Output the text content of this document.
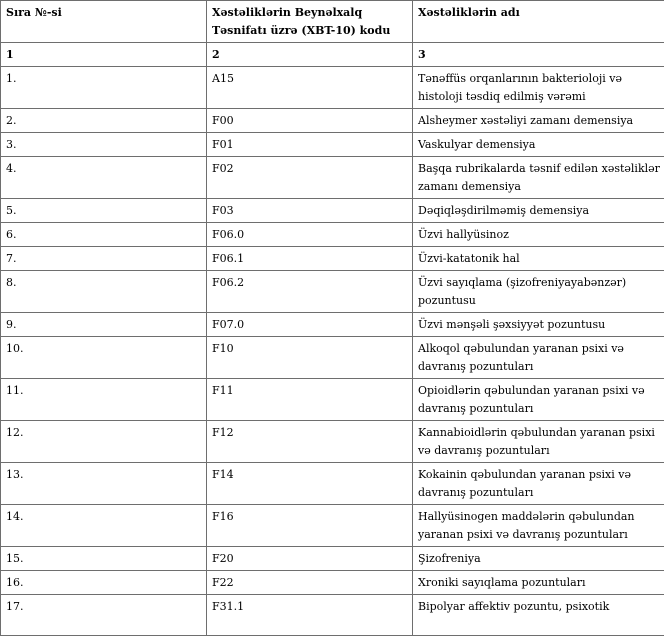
Sıra №-si	Xəstəliklərin Beynəlxalq Təsnifatı üzrə (XBT-10) kodu	Xəstəliklərin adı
1	2	3
1.	A15	Tənəffüs orqanlarının bakterioloji və histoloji təsdiq edilmiş vərəmi
2.	F00	Alsheymer xəstəliyi zamanı demensiya
3.	F01	Vaskulyar demensiya
4.	F02	Başqa rubrikalarda təsnif edilən xəstəliklər zamanı demensiya
5.	F03	Dəqiqləşdirilməmiş demensiya
6.	F06.0	Üzvi hallyüsinoz
7.	F06.1	Üzvi-katatonik hal
8.	F06.2	Üzvi sayıqlama (şizofreniyayabənzər) pozuntusu
9.	F07.0	Üzvi mənşəli şəxsiyyət pozuntusu
10.	F10	Alkoqol qəbulundan yaranan psixi və davranış pozuntuları
11.	F11	Opioidlərin qəbulundan yaranan psixi və davranış pozuntuları
12.	F12	Kannabioidlərin qəbulundan yaranan psixi və davranış pozuntuları
13.	F14	Kokainin qəbulundan yaranan psixi və davranış pozuntuları
14.	F16	Hallyüsinogen maddələrin qəbulundan yaranan psixi və davranış pozuntuları
15.	F20	Şizofreniya
16.	F22	Xroniki sayıqlama pozuntuları
17.	F31.1	Bipolyar affektiv pozuntu, psixotik
